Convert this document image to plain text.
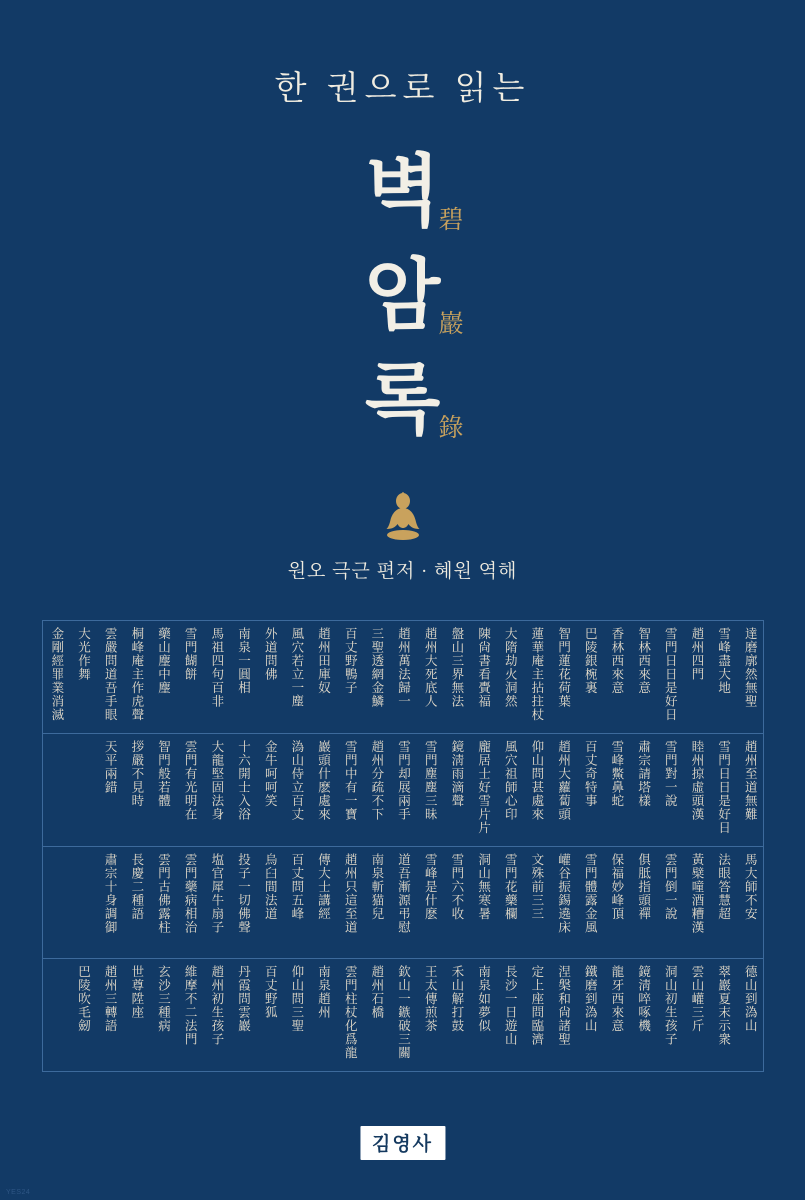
한 권으로 읽는
벽
碧
암
巖
록
錄
원오 극근 편저 · 혜원 역해
達磨廓然無聖
雪峰盡大地
趙州四門
雪門日日是好日
智林西來意
香林西來意
巴陵銀椀裏
智門蓮花荷葉
蓮華庵主拈拄杖
大隋劫火洞然
陳尙書看賷福
盤山三界無法
趙州大死底人
趙州萬法歸一
三聖透網金鱗
百丈野鴨子
趙州田庫奴
風穴若立一塵
外道問佛
南泉一圓相
馬祖四句百非
雪門餬餅
藥山麈中麈
桐峰庵主作虎聲
雲嚴問道吾手眼
大光作舞
金剛經罪業消滅
趙州至道無難
雪門日日是好日
睦州掠虛頭漢
雪門對一說
肅宗請塔樣
雪峰鱉鼻蛇
百丈奇特事
趙州大蘿蔔頭
仰山問甚處來
風穴祖師心印
龐居士好雪片片
鏡淸雨滴聲
雪門塵塵三昧
雪門却展兩手
趙州分疏不下
雪門中有一寶
巖頭什麽處來
溈山侍立百丈
金牛呵呵笑
十六開士入浴
大龍堅固法身
雲門有光明在
智門般若體
拶嚴不見時
天平兩錯
馬大師不安
法眼答慧超
黃檗噇酒糟漢
雲門倒一說
俱胝指頭禪
保福妙峰頂
雪門體露金風
巏谷振錫遶床
文殊前三三
雪門花藥欄
洞山無寒暑
雪門六不收
雪峰是什麽
道吾漸源弔慰
南泉斬猫兒
趙州只這至道
傳大士講經
百丈問五峰
烏臼間法道
投子一切佛聲
塩官犀牛扇子
雲門藥病相治
雲門古佛露柱
長慶二種語
肅宗十身調御
德山到溈山
翠巖夏末示衆
雲山巏三斤
洞山初生孩子
鏡淸啐啄機
龍牙西來意
鐵磨到溈山
涅槃和尙諸聖
定上座問臨濟
長沙一日遊山
南泉如夢似
禾山解打鼓
王太傳煎茶
欽山一鏃破三關
趙州石橋
雲門柱杖化爲龍
南泉趙州
仰山問三聖
百丈野狐
丹霞問雲巖
趙州初生孩子
維摩不二法門
玄沙三種病
世尊陞座
趙州三轉語
巴陵吹毛劒
김영사
YES24
